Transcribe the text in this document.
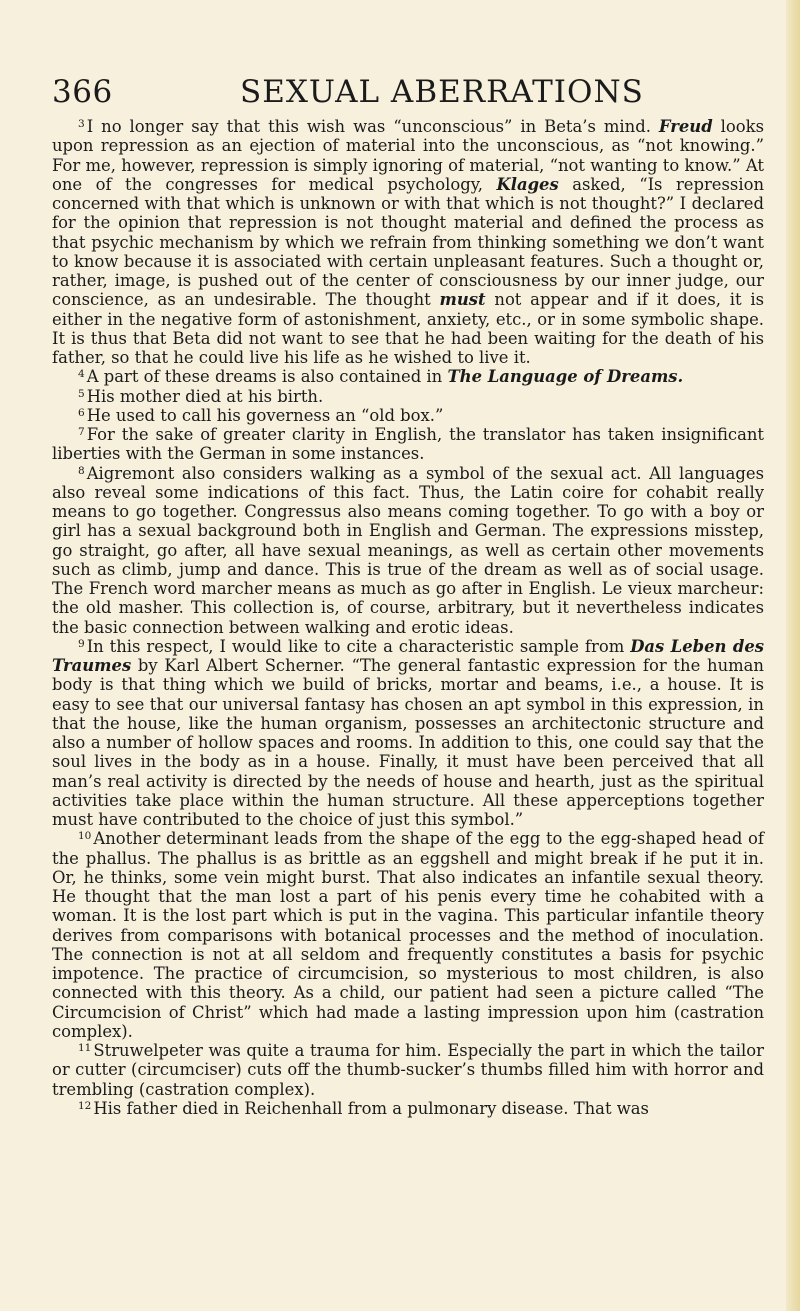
366	SEXUAL ABERRATIONS

$^3$ I no longer say that this wish was “unconscious” in Beta’s mind. Freud looks upon repression as an ejection of material into the unconscious, as “not knowing.” For me, however, repression is simply ignoring of material, “not wanting to know.” At one of the congresses for medical psychology, Klages asked, “Is repression concerned with that which is unknown or with that which is not thought?” I declared for the opinion that repression is not thought material and defined the process as that psychic mechanism by which we refrain from thinking something we don’t want to know because it is associated with certain unpleasant features. Such a thought or, rather, image, is pushed out of the center of consciousness by our inner judge, our conscience, as an undesirable. The thought must not appear and if it does, it is either in the negative form of astonishment, anxiety, etc., or in some symbolic shape. It is thus that Beta did not want to see that he had been waiting for the death of his father, so that he could live his life as he wished to live it.

$^4$ A part of these dreams is also contained in The Language of Dreams.

$^5$ His mother died at his birth.

$^6$ He used to call his governess an “old box.”

$^7$ For the sake of greater clarity in English, the translator has taken insignificant liberties with the German in some instances.

$^8$ Aigremont also considers walking as a symbol of the sexual act. All languages also reveal some indications of this fact. Thus, the Latin coire for cohabit really means to go together. Congressus also means coming together. To go with a boy or girl has a sexual background both in English and German. The expressions misstep, go straight, go after, all have sexual meanings, as well as certain other movements such as climb, jump and dance. This is true of the dream as well as of social usage. The French word marcher means as much as go after in English. Le vieux marcheur: the old masher. This collection is, of course, arbitrary, but it nevertheless indicates the basic connection between walking and erotic ideas.

$^9$ In this respect, I would like to cite a characteristic sample from Das Leben des Traumes by Karl Albert Scherner. “The general fantastic expression for the human body is that thing which we build of bricks, mortar and beams, i.e., a house. It is easy to see that our universal fantasy has chosen an apt symbol in this expression, in that the house, like the human organism, possesses an architectonic structure and also a number of hollow spaces and rooms. In addition to this, one could say that the soul lives in the body as in a house. Finally, it must have been perceived that all man’s real activity is directed by the needs of house and hearth, just as the spiritual activities take place within the human structure. All these apperceptions together must have contributed to the choice of just this symbol.”

$^{10}$ Another determinant leads from the shape of the egg to the egg-shaped head of the phallus. The phallus is as brittle as an eggshell and might break if he put it in. Or, he thinks, some vein might burst. That also indicates an infantile sexual theory. He thought that the man lost a part of his penis every time he cohabited with a woman. It is the lost part which is put in the vagina. This particular infantile theory derives from comparisons with botanical processes and the method of inoculation. The connection is not at all seldom and frequently constitutes a basis for psychic impotence. The practice of circumcision, so mysterious to most children, is also connected with this theory. As a child, our patient had seen a picture called “The Circumcision of Christ” which had made a lasting impression upon him (castration complex).

$^{11}$ Struwelpeter was quite a trauma for him. Especially the part in which the tailor or cutter (circumciser) cuts off the thumb-sucker’s thumbs filled him with horror and trembling (castration complex).

$^{12}$ His father died in Reichenhall from a pulmonary disease. That was
